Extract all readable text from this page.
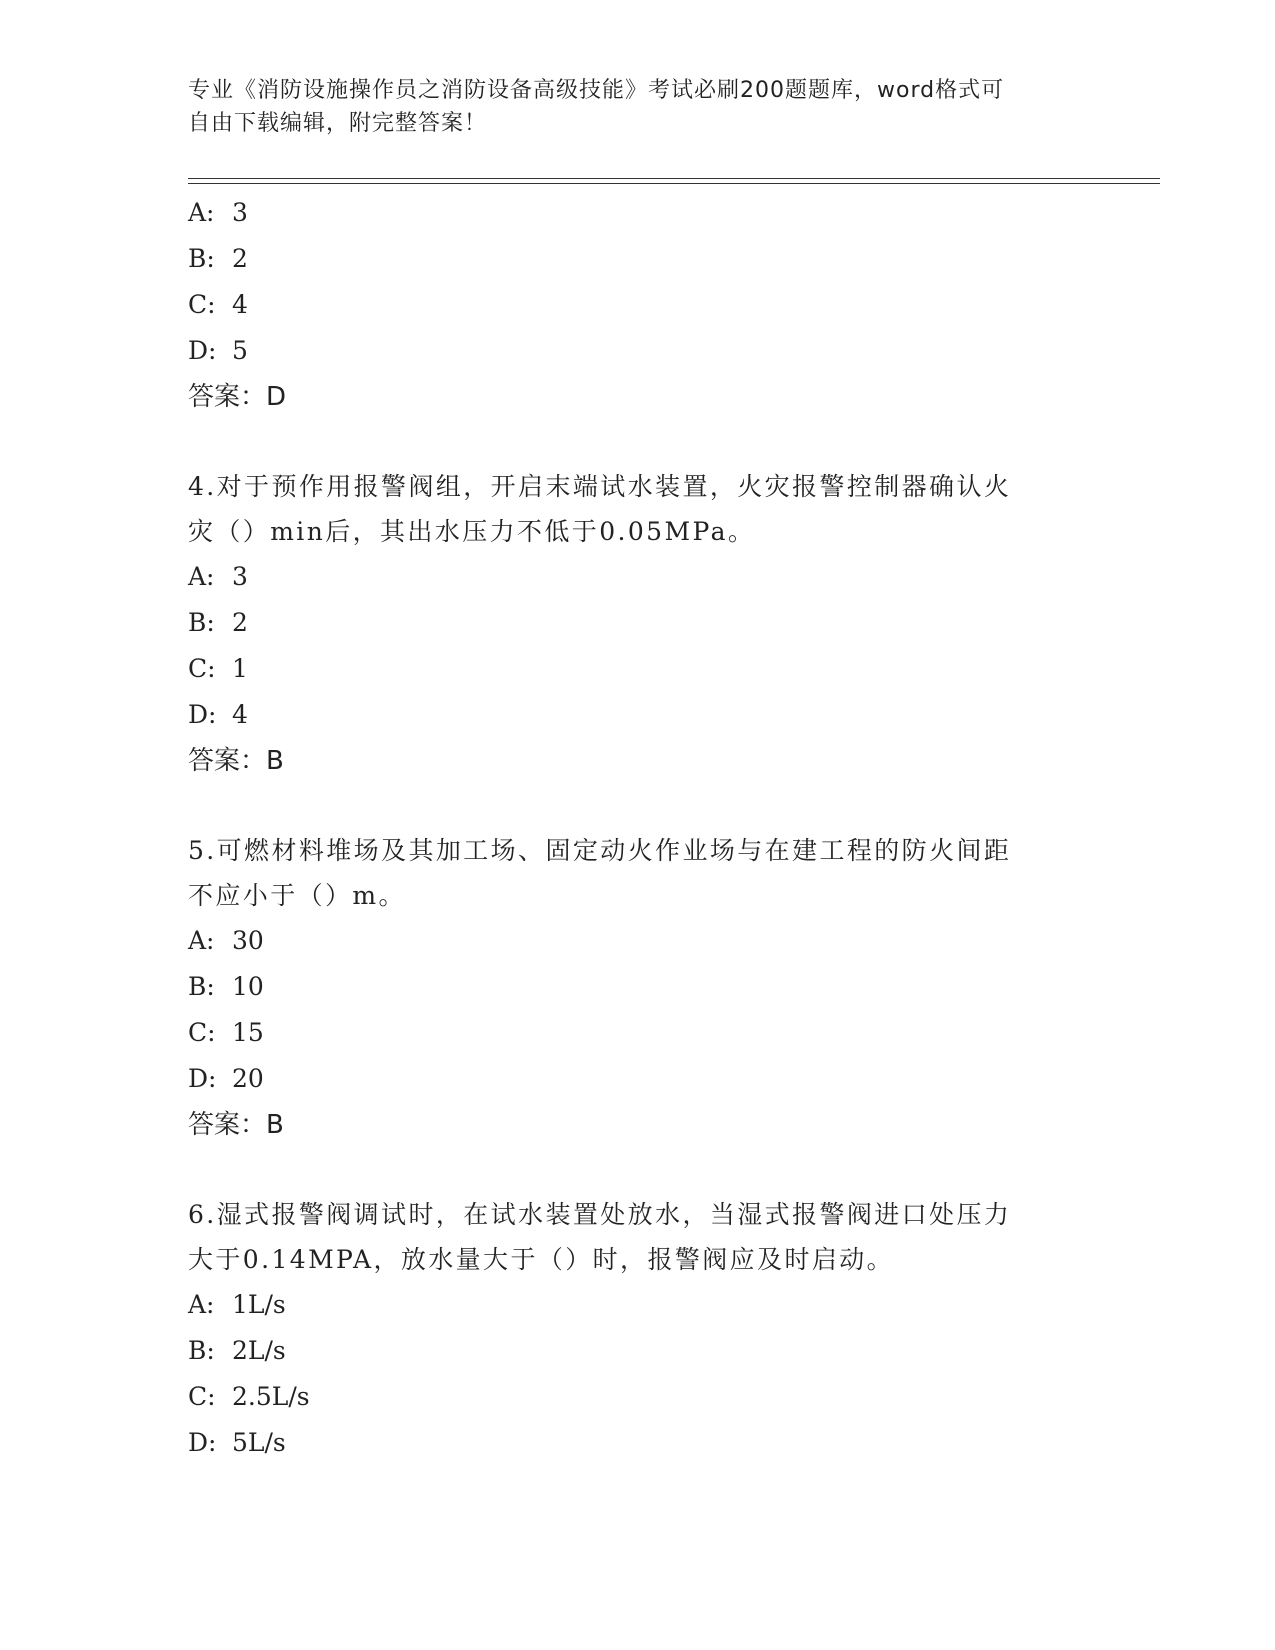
专业《消防设施操作员之消防设备高级技能》考试必刷200题题库，word格式可
自由下载编辑，附完整答案！
A: 3
B: 2
C: 4
D: 5
答案：D
4.对于预作用报警阀组，开启末端试水装置，火灾报警控制器确认火
灾（）min后，其出水压力不低于0.05MPa。
A: 3
B: 2
C: 1
D: 4
答案：B
5.可燃材料堆场及其加工场、固定动火作业场与在建工程的防火间距
不应小于（）m。
A: 30
B: 10
C: 15
D: 20
答案：B
6.湿式报警阀调试时，在试水装置处放水，当湿式报警阀进口处压力
大于0.14MPA，放水量大于（）时，报警阀应及时启动。
A: 1L/s
B: 2L/s
C: 2.5L/s
D: 5L/s
